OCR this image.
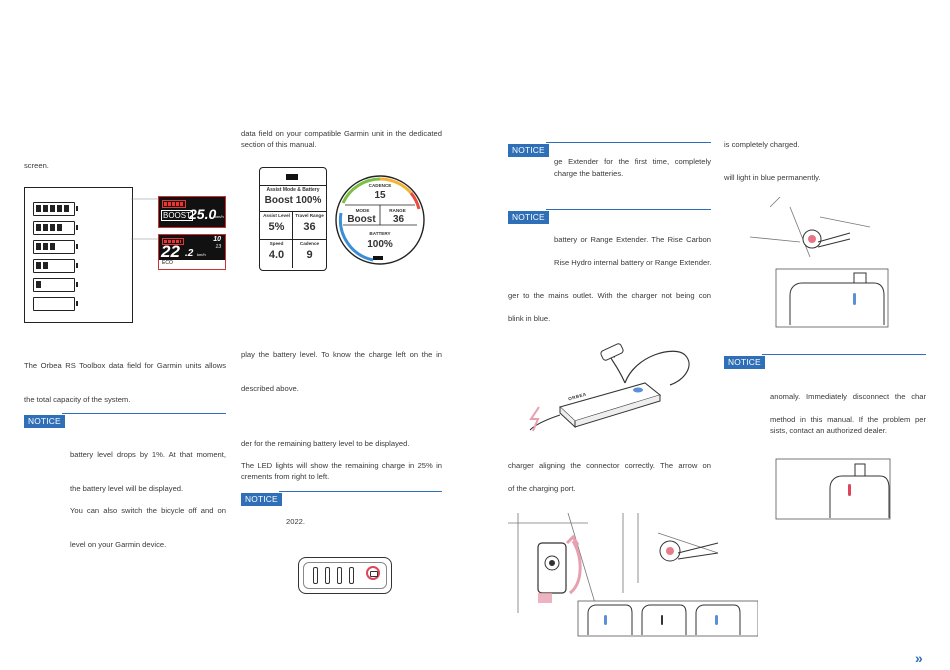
screen.
BOOST
25.0
km/h
10
13
22 .2 km/h
ECO
The Orbea RS Toolbox data field for Garmin units allows
the total capacity of the system.
NOTICE
battery level drops by 1%. At that moment,
the battery level will be displayed.
You can also switch the bicycle off and on
level on your Garmin device.
data field on your compatible Garmin unit in the dedicated
section of this manual.
Assist Mode & Battery
Boost 100%
Assist Level	Travel Range
5%	36
Speed	Cadence
4.0	9
CADENCE
15
MODE	RANGE
Boost	36
BATTERY
100%
play the battery level. To know the charge left on the in
described above.
der for the remaining battery level to be displayed.
The LED lights will show the remaining charge in 25% in
crements from right to left.
NOTICE
2022.
NOTICE
ge Extender for the first time, completely
charge the batteries.
NOTICE
battery or Range Extender. The Rise Carbon
Rise Hydro internal battery or Range Extender.
ger to the mains outlet. With the charger not being con
blink in blue.
ORBEA
charger aligning the connector correctly. The arrow on
of the charging port.
is completely charged.
will light in blue permanently.
NOTICE
anomaly. Immediately disconnect the char
method in this manual. If the problem per
sists, contact an authorized dealer.
»
